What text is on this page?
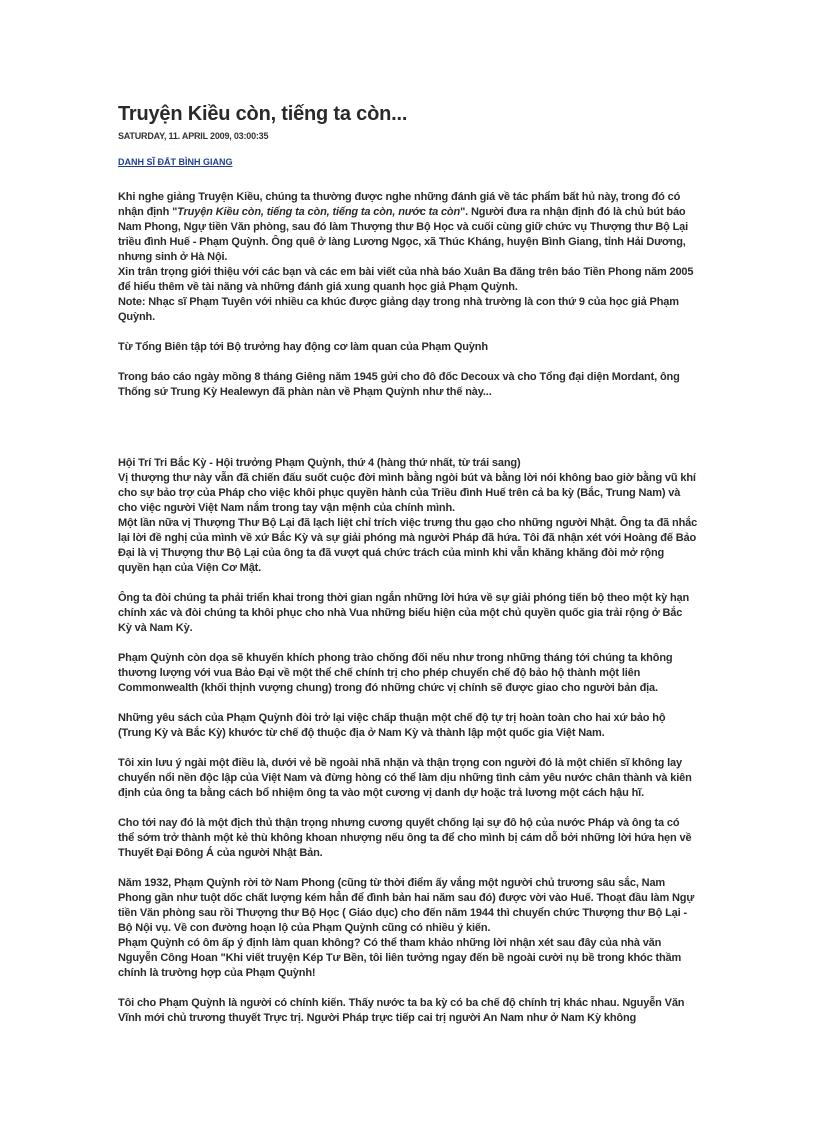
Truyện Kiều còn, tiếng ta còn...
SATURDAY, 11. APRIL 2009, 03:00:35
DANH SĨ ĐẤT BÌNH GIANG

Khi nghe giảng Truyện Kiều, chúng ta thường được nghe những đánh giá về tác phẩm bất hủ này, trong đó có nhận định "Truyện Kiều còn, tiếng ta còn, tiếng ta còn, nước ta còn". Người đưa ra nhận định đó là chủ bút báo Nam Phong, Ngự tiền Văn phòng, sau đó làm Thượng thư Bộ Học và cuối cùng giữ chức vụ Thượng thư Bộ Lại triều đình Huế - Phạm Quỳnh. Ông quê ở làng Lương Ngọc, xã Thúc Kháng, huyện Bình Giang, tỉnh Hải Dương, nhưng sinh ở Hà Nội.

Xin trân trọng giới thiệu với các bạn và các em bài viết của nhà báo Xuân Ba đăng trên báo Tiền Phong năm 2005 để hiểu thêm về tài năng và những đánh giá xung quanh học giả Phạm Quỳnh.

Note: Nhạc sĩ Phạm Tuyên với nhiều ca khúc được giảng dạy trong nhà trường là con thứ 9 của học giả Phạm Quỳnh.

Từ Tổng Biên tập tới Bộ trưởng hay động cơ làm quan của Phạm Quỳnh

Trong báo cáo ngày mồng 8 tháng Giêng năm 1945 gửi cho đô đốc Decoux và cho Tổng đại diện Mordant, ông Thống sứ Trung Kỳ Healewyn đã phàn nàn về Phạm Quỳnh như thế này...

Hội Trí Tri Bắc Kỳ - Hội trưởng Phạm Quỳnh, thứ 4 (hàng thứ nhất, từ trái sang)

Vị thượng thư này vẫn đã chiến đấu suốt cuộc đời mình bằng ngòi bút và bằng lời nói không bao giờ bằng vũ khí cho sự bảo trợ của Pháp cho việc khôi phục quyền hành của Triều đình Huế trên cả ba kỳ (Bắc, Trung Nam) và cho việc người Việt Nam nắm trong tay vận mệnh của chính mình.

Một lần nữa vị Thượng Thư Bộ Lại đã lạch liệt chỉ trích việc trưng thu gạo cho những người Nhật. Ông ta đã nhắc lại lời đề nghị của mình về xứ Bắc Kỳ và sự giải phóng mà người Pháp đã hứa. Tôi đã nhận xét với Hoàng đế Bảo Đại là vị Thượng thư Bộ Lại của ông ta đã vượt quá chức trách của mình khi vẫn khăng khăng đòi mở rộng quyền hạn của Viện Cơ Mật.

Ông ta đòi chúng ta phải triển khai trong thời gian ngắn những lời hứa về sự giải phóng tiến bộ theo một kỳ hạn chính xác và đòi chúng ta khôi phục cho nhà Vua những biểu hiện của một chủ quyền quốc gia trải rộng ở Bắc Kỳ và Nam Kỳ.

Phạm Quỳnh còn dọa sẽ khuyến khích phong trào chống đối nếu như trong những tháng tới chúng ta không thương lượng với vua Bảo Đại về một thể chế chính trị cho phép chuyển chế độ bảo hộ thành một liên Commonwealth (khối thịnh vượng chung) trong đó những chức vị chính sẽ được giao cho người bản địa.

Những yêu sách của Phạm Quỳnh đòi trở lại việc chấp thuận một chế độ tự trị hoàn toàn cho hai xứ bảo hộ (Trung Kỳ và Bắc Kỳ) khước từ chế độ thuộc địa ở Nam Kỳ và thành lập một quốc gia Việt Nam.

Tôi xin lưu ý ngài một điều là, dưới vẻ bề ngoài nhã nhặn và thận trọng con người đó là một chiến sĩ không lay chuyển nổi nền độc lập của Việt Nam và đừng hòng có thể làm dịu những tình cảm yêu nước chân thành và kiên định của ông ta bằng cách bổ nhiệm ông ta vào một cương vị danh dự hoặc trả lương một cách hậu hĩ.

Cho tới nay đó là một địch thủ thận trọng nhưng cương quyết chống lại sự đô hộ của nước Pháp và ông ta có thể sớm trở thành một kẻ thù không khoan nhượng nếu ông ta để cho mình bị cám dỗ bởi những lời hứa hẹn về Thuyết Đại Đông Á của người Nhật Bản.

Năm 1932, Phạm Quỳnh rời tờ Nam Phong (cũng từ thời điểm ấy vắng một người chủ trương sâu sắc, Nam Phong gần như tuột dốc chất lượng kém hẳn để đình bản hai năm sau đó) được vời vào Huế. Thoạt đầu làm Ngự tiền Văn phòng sau rồi Thượng thư Bộ Học ( Giáo dục) cho đến năm 1944 thì chuyển chức Thượng thư Bộ Lại - Bộ Nội vụ. Về con đường hoạn lộ của Phạm Quỳnh cũng có nhiều ý kiến.

Phạm Quỳnh có ôm ấp ý định làm quan không? Có thể tham khảo những lời nhận xét sau đây của nhà văn Nguyễn Công Hoan "Khi viết truyện Kép Tư Bền, tôi liên tưởng ngay đến bề ngoài cười nụ bề trong khóc thầm chính là trường hợp của Phạm Quỳnh!

Tôi cho Phạm Quỳnh là người có chính kiến. Thấy nước ta ba kỳ có ba chế độ chính trị khác nhau. Nguyễn Văn Vĩnh mới chủ trương thuyết Trực trị. Người Pháp trực tiếp cai trị người An Nam như ở Nam Kỳ không
